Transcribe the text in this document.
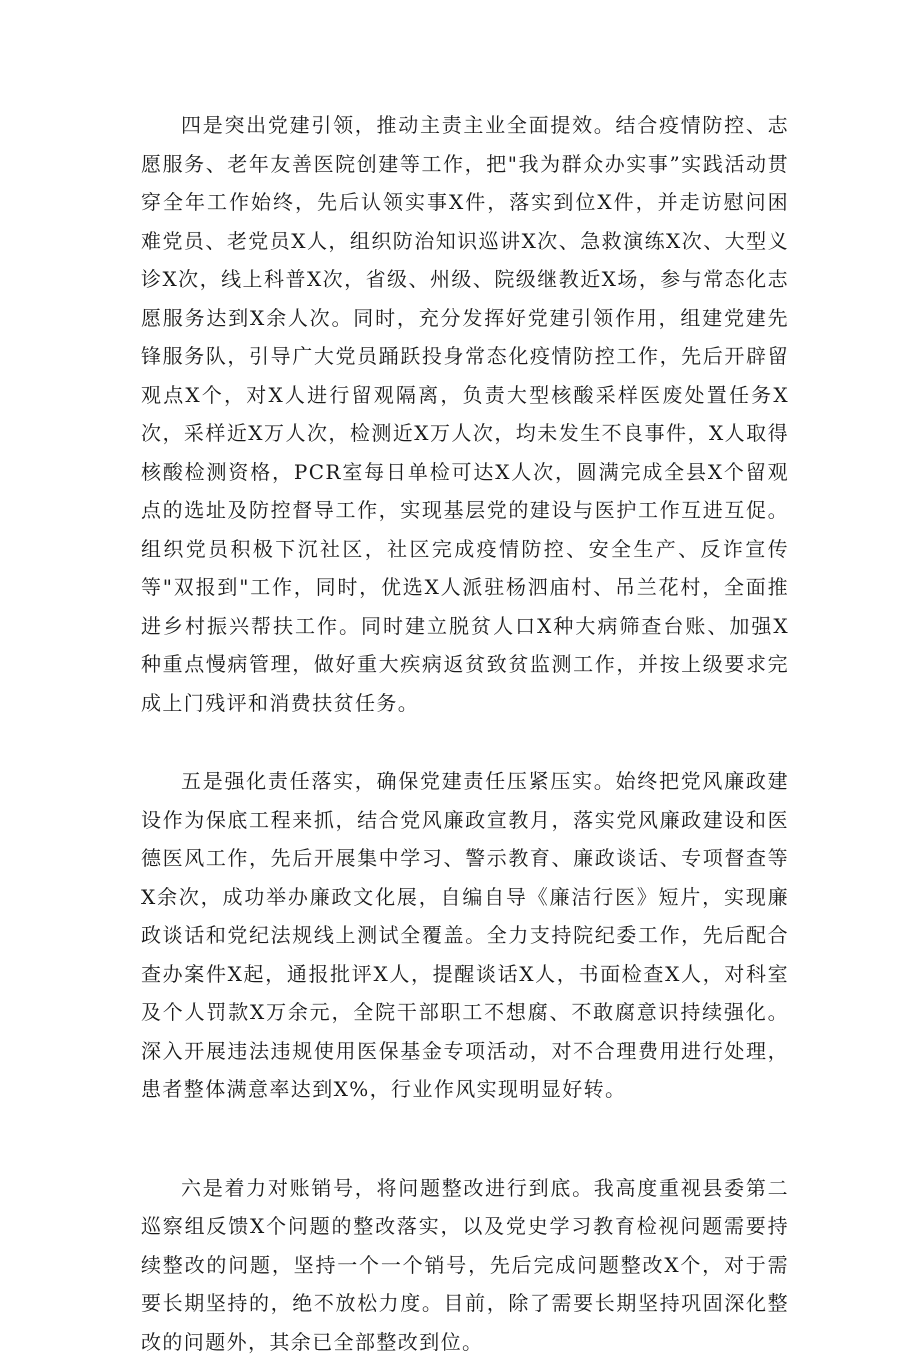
四是突出党建引领，推动主责主业全面提效。结合疫情防控、志愿服务、老年友善医院创建等工作，把"我为群众办实事”实践活动贯穿全年工作始终，先后认领实事X件，落实到位X件，并走访慰问困难党员、老党员X人，组织防治知识巡讲X次、急救演练X次、大型义诊X次，线上科普X次，省级、州级、院级继教近X场，参与常态化志愿服务达到X余人次。同时，充分发挥好党建引领作用，组建党建先锋服务队，引导广大党员踊跃投身常态化疫情防控工作，先后开辟留观点X个，对X人进行留观隔离，负责大型核酸采样医废处置任务X次，采样近X万人次，检测近X万人次，均未发生不良事件，X人取得核酸检测资格，PCR室每日单检可达X人次，圆满完成全县X个留观点的选址及防控督导工作，实现基层党的建设与医护工作互进互促。组织党员积极下沉社区，社区完成疫情防控、安全生产、反诈宣传等"双报到"工作，同时，优选X人派驻杨泗庙村、吊兰花村，全面推进乡村振兴帮扶工作。同时建立脱贫人口X种大病筛查台账、加强X种重点慢病管理，做好重大疾病返贫致贫监测工作，并按上级要求完成上门残评和消费扶贫任务。

五是强化责任落实，确保党建责任压紧压实。始终把党风廉政建设作为保底工程来抓，结合党风廉政宣教月，落实党风廉政建设和医德医风工作，先后开展集中学习、警示教育、廉政谈话、专项督查等X余次，成功举办廉政文化展，自编自导《廉洁行医》短片，实现廉政谈话和党纪法规线上测试全覆盖。全力支持院纪委工作，先后配合查办案件X起，通报批评X人，提醒谈话X人，书面检查X人，对科室及个人罚款X万余元，全院干部职工不想腐、不敢腐意识持续强化。深入开展违法违规使用医保基金专项活动，对不合理费用进行处理，患者整体满意率达到X%，行业作风实现明显好转。

六是着力对账销号，将问题整改进行到底。我高度重视县委第二巡察组反馈X个问题的整改落实，以及党史学习教育检视问题需要持续整改的问题，坚持一个一个销号，先后完成问题整改X个，对于需要长期坚持的，绝不放松力度。目前，除了需要长期坚持巩固深化整改的问题外，其余已全部整改到位。
